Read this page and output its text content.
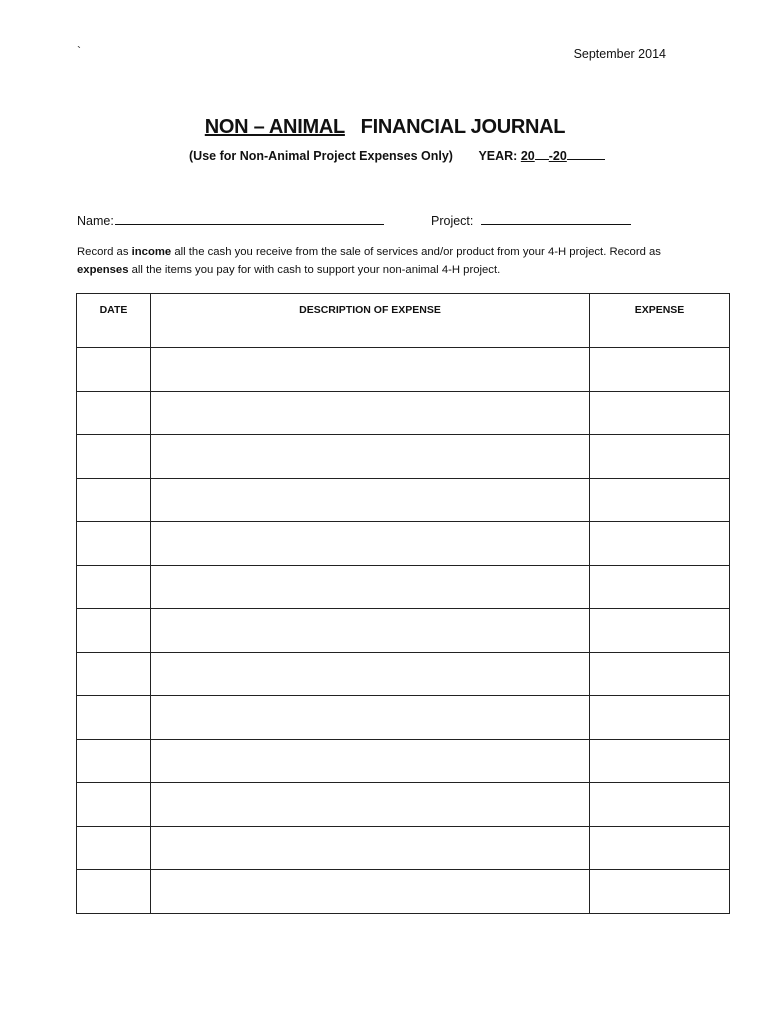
`	September 2014
NON – ANIMAL FINANCIAL JOURNAL
(Use for Non-Animal Project Expenses Only) YEAR: 20 -20
Name:	Project:
Record as income all the cash you receive from the sale of services and/or product from your 4-H project. Record as expenses all the items you pay for with cash to support your non-animal 4-H project.
DATE	DESCRIPTION OF EXPENSE	EXPENSE
